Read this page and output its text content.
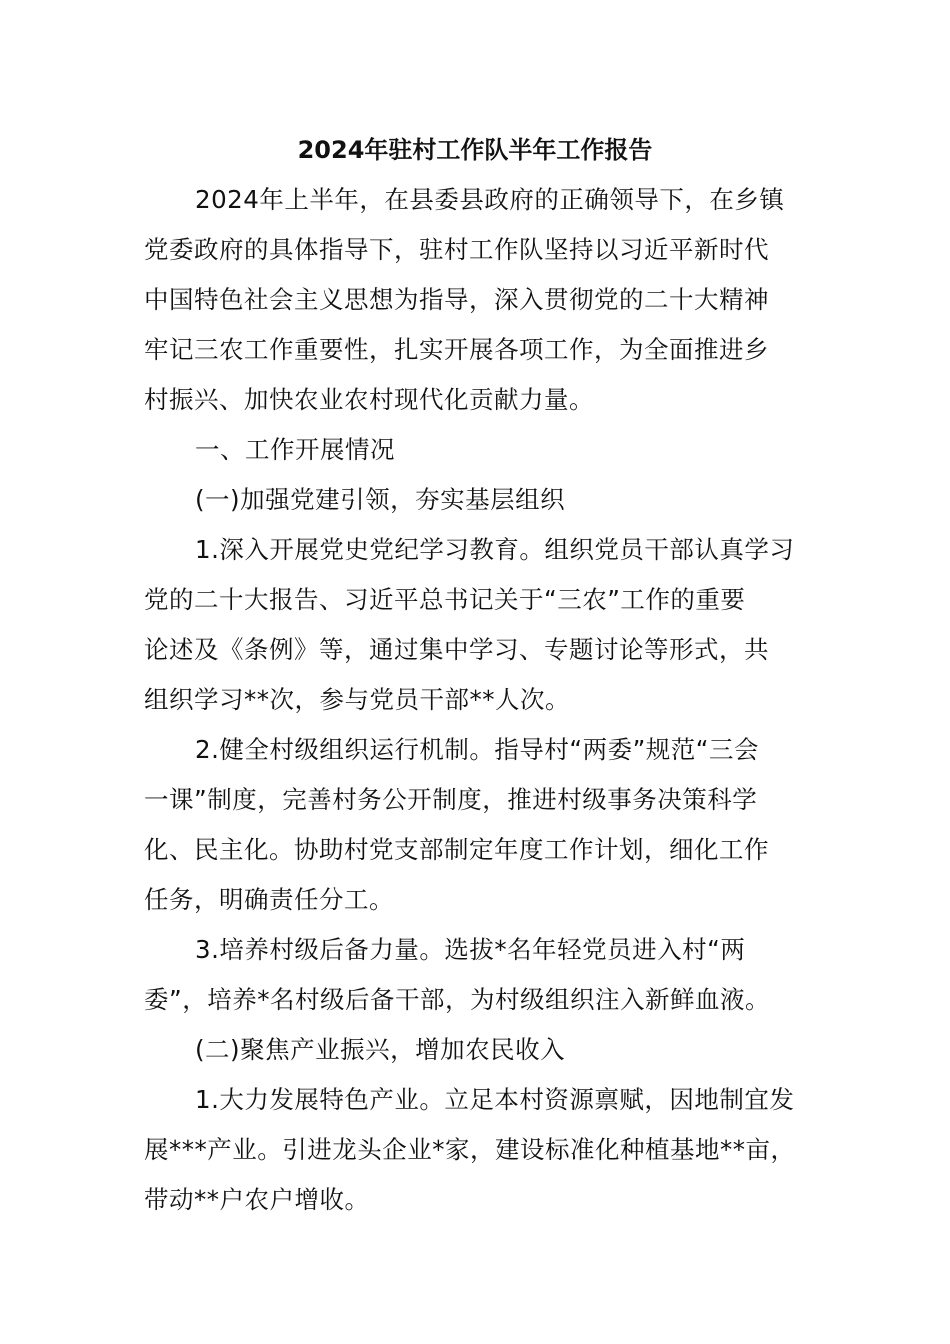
2024年驻村工作队半年工作报告
2024年上半年，在县委县政府的正确领导下，在乡镇
党委政府的具体指导下，驻村工作队坚持以习近平新时代
中国特色社会主义思想为指导，深入贯彻党的二十大精神
牢记三农工作重要性，扎实开展各项工作，为全面推进乡
村振兴、加快农业农村现代化贡献力量。
一、工作开展情况
(一)加强党建引领，夯实基层组织
1.深入开展党史党纪学习教育。组织党员干部认真学习
党的二十大报告、习近平总书记关于“三农”工作的重要
论述及《条例》等，通过集中学习、专题讨论等形式，共
组织学习**次，参与党员干部**人次。
2.健全村级组织运行机制。指导村“两委”规范“三会
一课”制度，完善村务公开制度，推进村级事务决策科学
化、民主化。协助村党支部制定年度工作计划，细化工作
任务，明确责任分工。
3.培养村级后备力量。选拔*名年轻党员进入村“两
委”，培养*名村级后备干部，为村级组织注入新鲜血液。
(二)聚焦产业振兴，增加农民收入
1.大力发展特色产业。立足本村资源禀赋，因地制宜发
展***产业。引进龙头企业*家，建设标准化种植基地**亩，
带动**户农户增收。
